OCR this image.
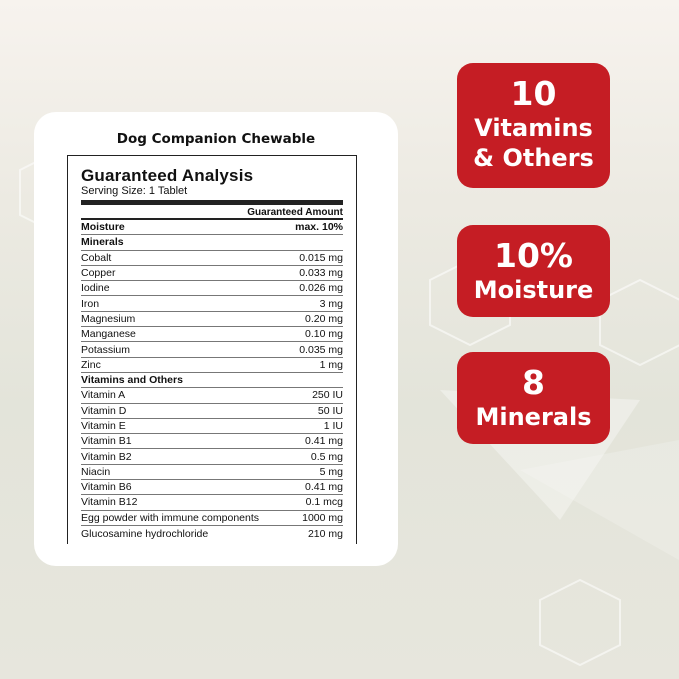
Dog Companion Chewable
Guaranteed Analysis
Serving Size: 1 Tablet
Guaranteed Amount
Moisture	max. 10%
Minerals
Cobalt	0.015 mg
Copper	0.033 mg
Iodine	0.026 mg
Iron	3 mg
Magnesium	0.20 mg
Manganese	0.10 mg
Potassium	0.035 mg
Zinc	1 mg
Vitamins and Others
Vitamin A	250 IU
Vitamin D	50 IU
Vitamin E	1 IU
Vitamin B1	0.41 mg
Vitamin B2	0.5 mg
Niacin	5 mg
Vitamin B6	0.41 mg
Vitamin B12	0.1 mcg
Egg powder with immune components	1000 mg
Glucosamine hydrochloride	210 mg
10
Vitamins
& Others
10%
Moisture
8
Minerals
